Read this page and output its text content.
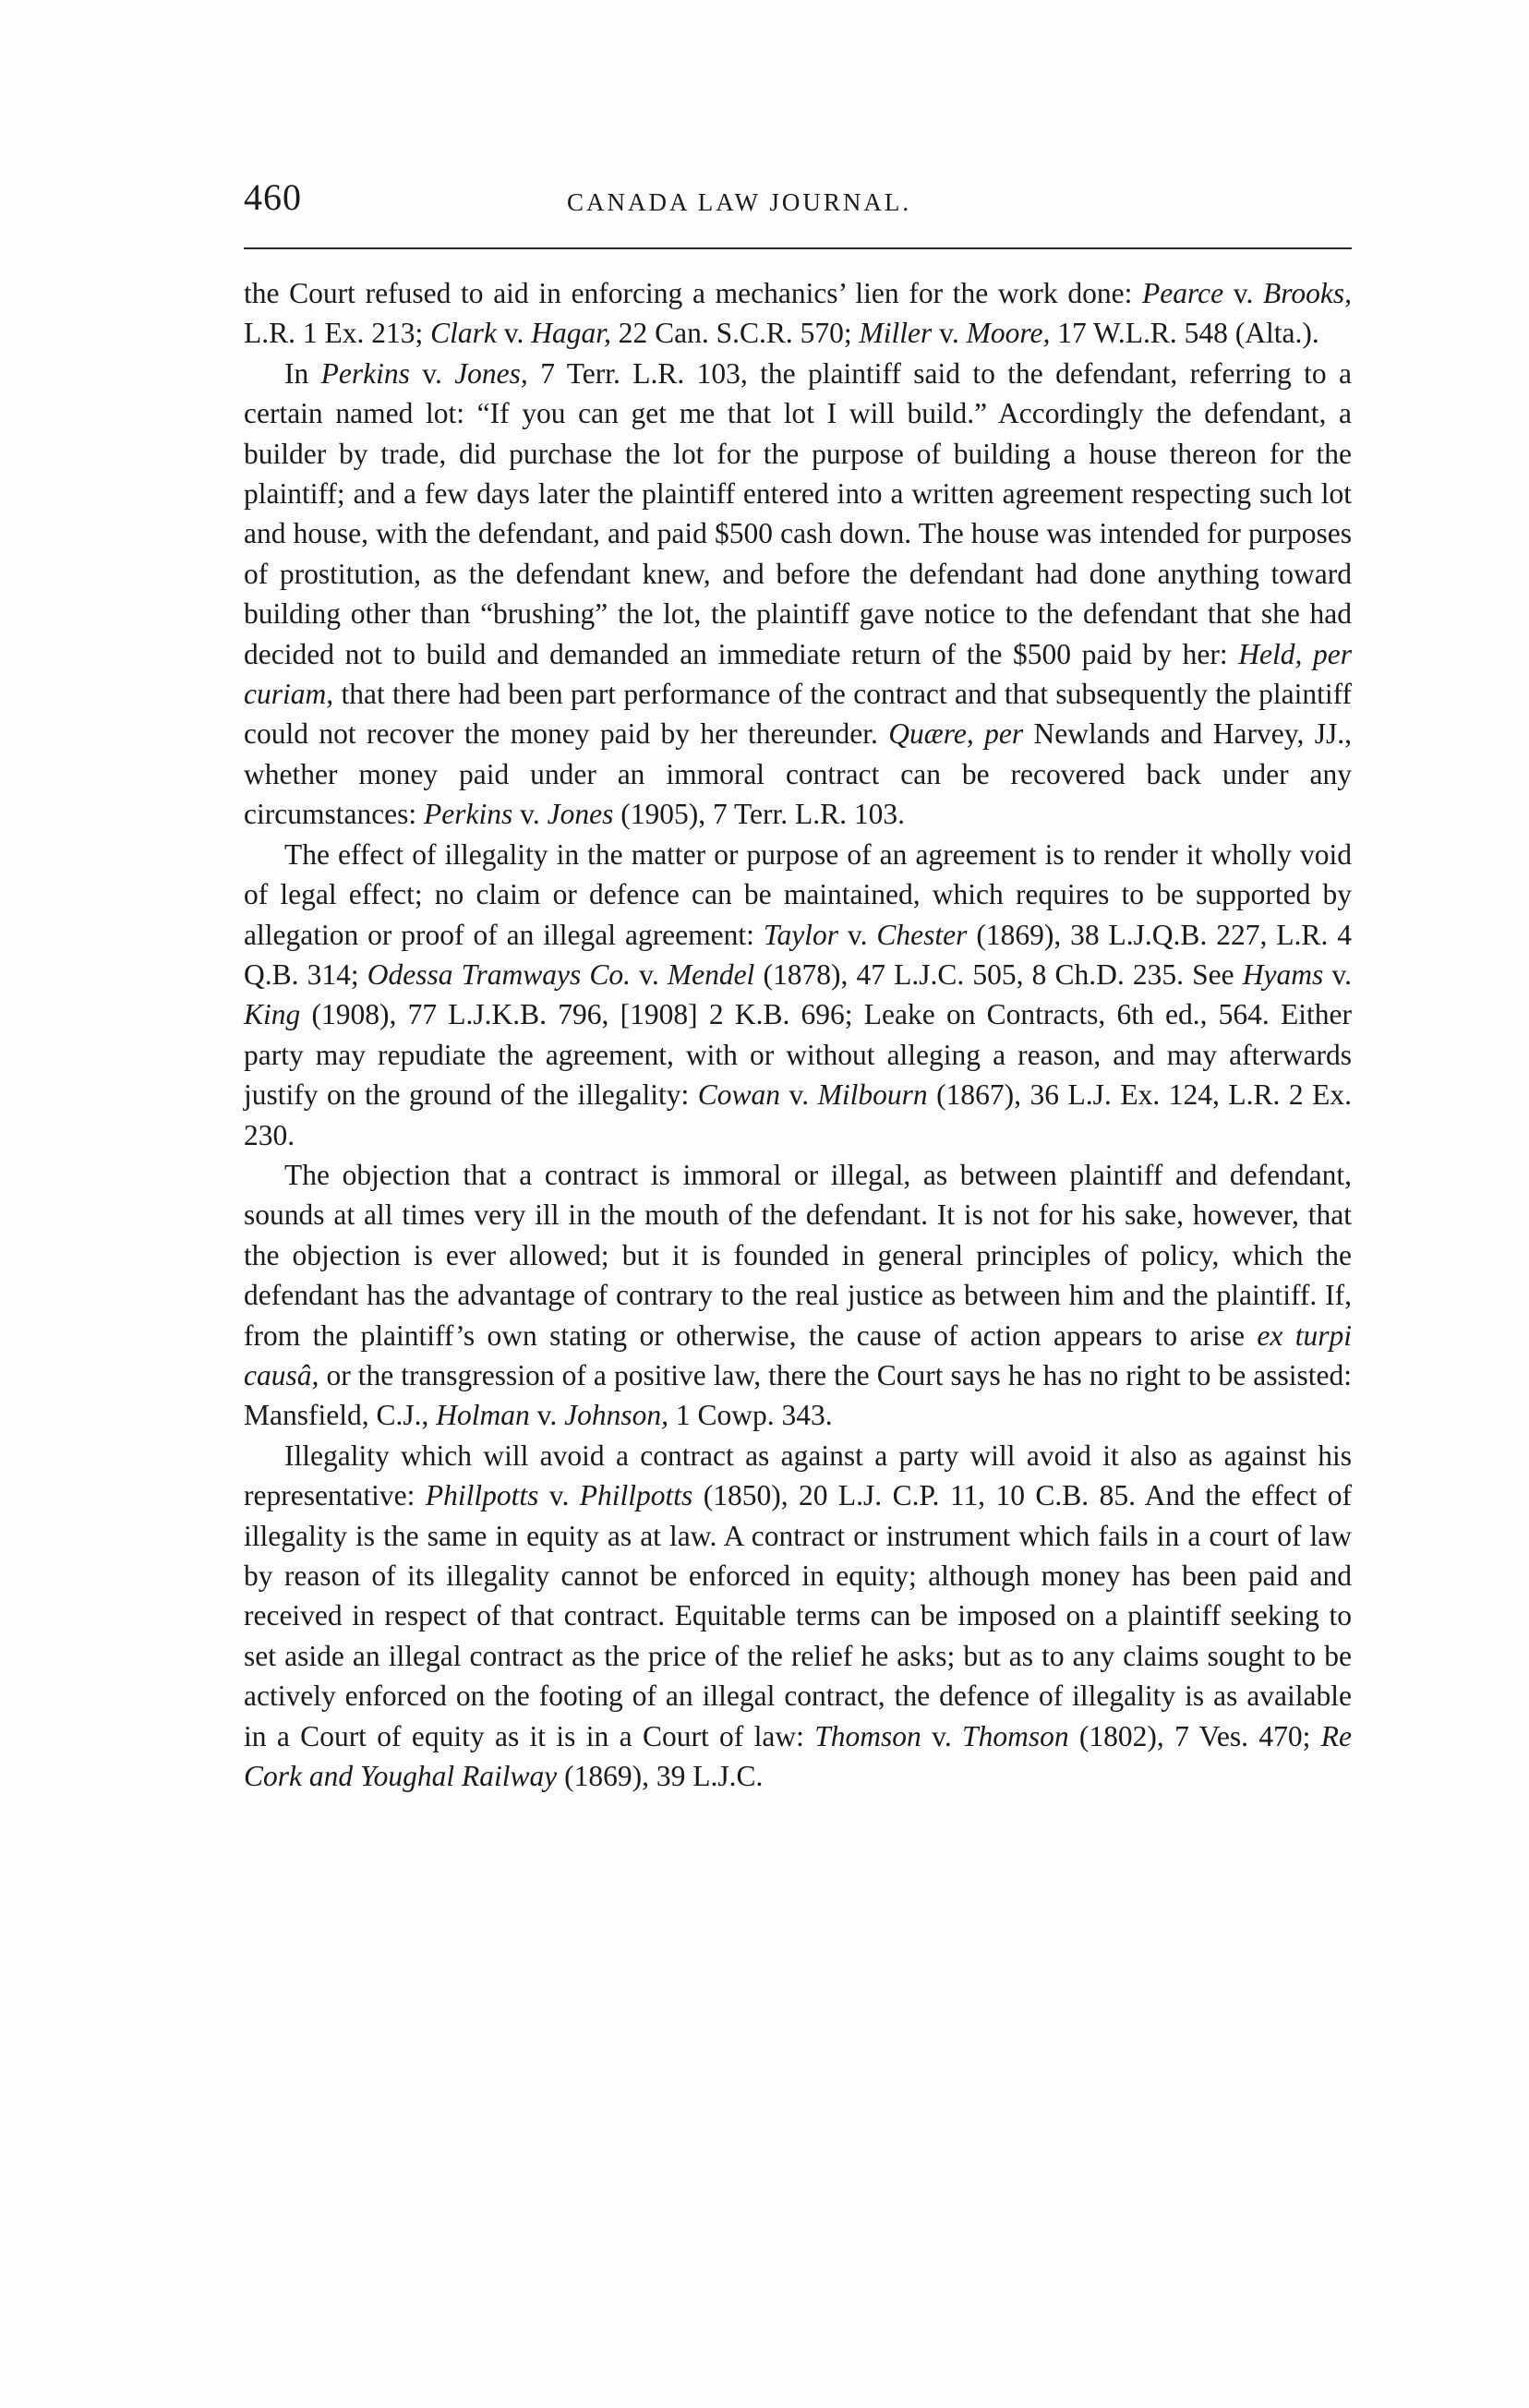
460	CANADA LAW JOURNAL.

the Court refused to aid in enforcing a mechanics’ lien for the work done: Pearce v. Brooks, L.R. 1 Ex. 213; Clark v. Hagar, 22 Can. S.C.R. 570; Miller v. Moore, 17 W.L.R. 548 (Alta.).

In Perkins v. Jones, 7 Terr. L.R. 103, the plaintiff said to the defendant, referring to a certain named lot: “If you can get me that lot I will build.” Accordingly the defendant, a builder by trade, did purchase the lot for the purpose of building a house thereon for the plaintiff; and a few days later the plaintiff entered into a written agreement respecting such lot and house, with the defendant, and paid $500 cash down. The house was intended for purposes of prostitution, as the defendant knew, and before the defendant had done anything toward building other than “brushing” the lot, the plaintiff gave notice to the defendant that she had decided not to build and demanded an immediate return of the $500 paid by her: Held, per curiam, that there had been part performance of the contract and that subsequently the plaintiff could not recover the money paid by her thereunder. Quære, per Newlands and Harvey, JJ., whether money paid under an immoral contract can be recovered back under any circumstances: Perkins v. Jones (1905), 7 Terr. L.R. 103.

The effect of illegality in the matter or purpose of an agreement is to render it wholly void of legal effect; no claim or defence can be maintained, which requires to be supported by allegation or proof of an illegal agreement: Taylor v. Chester (1869), 38 L.J.Q.B. 227, L.R. 4 Q.B. 314; Odessa Tramways Co. v. Mendel (1878), 47 L.J.C. 505, 8 Ch.D. 235. See Hyams v. King (1908), 77 L.J.K.B. 796, [1908] 2 K.B. 696; Leake on Contracts, 6th ed., 564. Either party may repudiate the agreement, with or without alleging a reason, and may afterwards justify on the ground of the illegality: Cowan v. Milbourn (1867), 36 L.J. Ex. 124, L.R. 2 Ex. 230.

The objection that a contract is immoral or illegal, as between plaintiff and defendant, sounds at all times very ill in the mouth of the defendant. It is not for his sake, however, that the objection is ever allowed; but it is founded in general principles of policy, which the defendant has the advantage of contrary to the real justice as between him and the plaintiff. If, from the plaintiff’s own stating or otherwise, the cause of action appears to arise ex turpi causâ, or the transgression of a positive law, there the Court says he has no right to be assisted: Mansfield, C.J., Holman v. Johnson, 1 Cowp. 343.

Illegality which will avoid a contract as against a party will avoid it also as against his representative: Phillpotts v. Phillpotts (1850), 20 L.J. C.P. 11, 10 C.B. 85. And the effect of illegality is the same in equity as at law. A contract or instrument which fails in a court of law by reason of its illegality cannot be enforced in equity; although money has been paid and received in respect of that contract. Equitable terms can be imposed on a plaintiff seeking to set aside an illegal contract as the price of the relief he asks; but as to any claims sought to be actively enforced on the footing of an illegal contract, the defence of illegality is as available in a Court of equity as it is in a Court of law: Thomson v. Thomson (1802), 7 Ves. 470; Re Cork and Youghal Railway (1869), 39 L.J.C.
